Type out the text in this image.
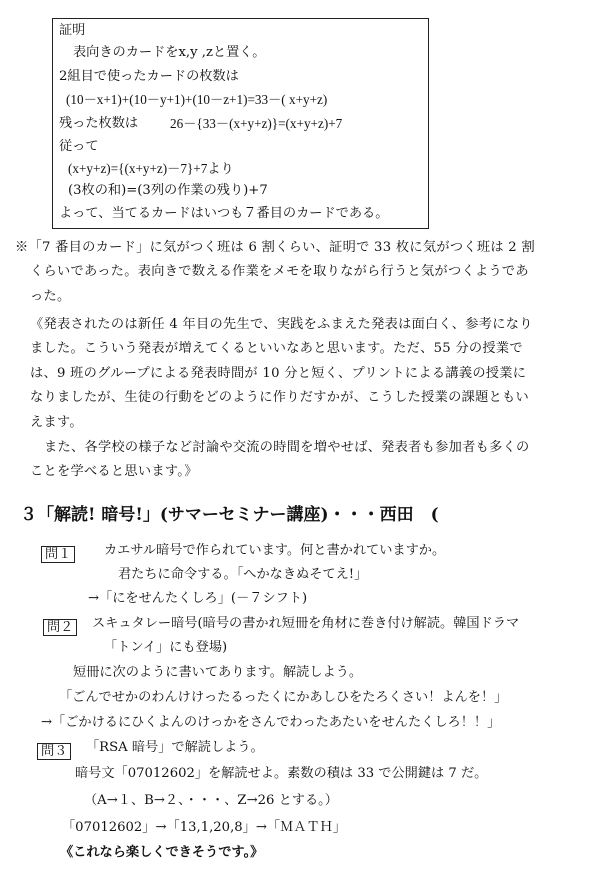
証明
表向きのカードをx,y ,zと置く。
2組目で使ったカードの枚数は
(10－x+1)+(10－y+1)+(10－z+1)=33－( x+y+z)
残った枚数は 26－{33－(x+y+z)}=(x+y+z)+7
従って
(x+y+z)={(x+y+z)－7}+7より
(3枚の和)=(3列の作業の残り)+7
よって、当てるカードはいつも７番目のカードである。
※「7 番目のカード」に気がつく班は 6 割くらい、証明で 33 枚に気がつく班は 2 割
くらいであった。表向きで数える作業をメモを取りながら行うと気がつくようであ
った。
《発表されたのは新任 4 年目の先生で、実践をふまえた発表は面白く、参考になり
ました。こういう発表が増えてくるといいなあと思います。ただ、55 分の授業で
は、9 班のグループによる発表時間が 10 分と短く、プリントによる講義の授業に
なりましたが、生徒の行動をどのように作りだすかが、こうした授業の課題ともい
えます。
また、各学校の様子など討論や交流の時間を増やせば、発表者も参加者も多くの
ことを学べると思います。》
３「解読! 暗号!」(サマーセミナー講座)・・・西田　(
問１	カエサル暗号で作られています。何と書かれていますか。
君たちに命令する。「へかなきぬそてえ!」
→「にをせんたくしろ」(－７シフト)
問２	スキュタレー暗号(暗号の書かれ短冊を角材に巻き付け解読。韓国ドラマ
「トンイ」にも登場)
短冊に次のように書いてあります。解読しよう。
「ごんでせかのわんけけったるったくにかあしひをたろくさい！よんを！」
→「ごかけるにひくよんのけっかをさんでわったあたいをせんたくしろ！！」
問３	「RSA 暗号」で解読しよう。
暗号文「07012602」を解読せよ。素数の積は 33 で公開鍵は 7 だ。
（A→１、B→２、・・・、Z→26 とする。）
「07012602」→「13,1,20,8」→「ＭＡＴＨ」
《これなら楽しくできそうです。》
